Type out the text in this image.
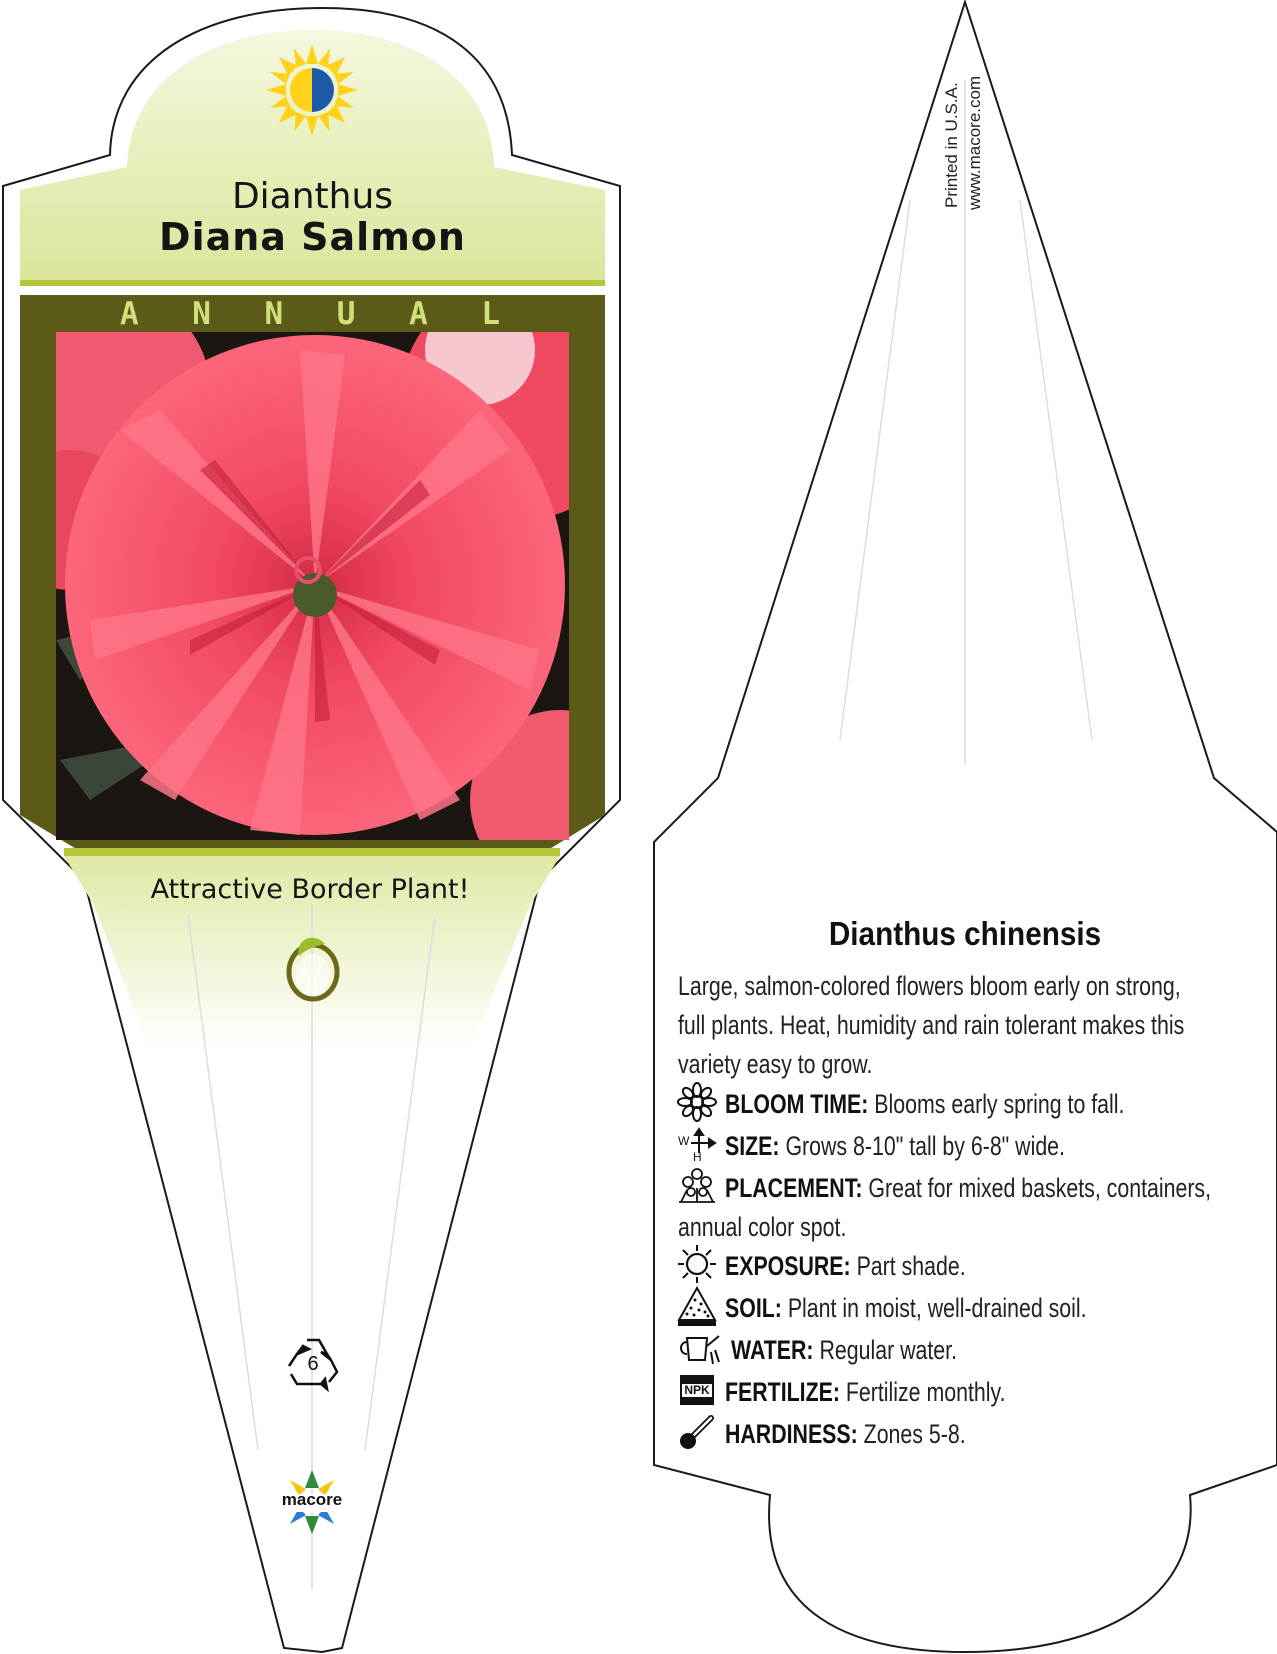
Dianthus
Diana Salmon
A N N U A L
Attractive Border Plant!
6
macore
Printed in U.S.A. www.macore.com
Dianthus chinensis

Large, salmon-colored flowers bloom early on strong, full plants. Heat, humidity and rain tolerant makes this variety easy to grow.

BLOOM TIME: Blooms early spring to fall.
W
H SIZE: Grows 8-10" tall by 6-8" wide.
PLACEMENT: Great for mixed baskets, containers,
annual color spot.
EXPOSURE: Part shade.
SOIL: Plant in moist, well-drained soil.
WATER: Regular water.
NPK FERTILIZE: Fertilize monthly.
HARDINESS: Zones 5-8.
